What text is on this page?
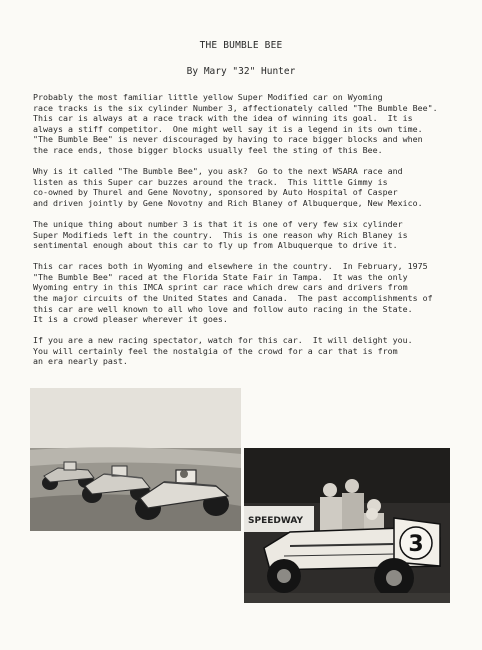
THE BUMBLE BEE
By Mary "32" Hunter
Probably the most familiar little yellow Super Modified car on Wyoming
race tracks is the six cylinder Number 3, affectionately called "The Bumble Bee".
This car is always at a race track with the idea of winning its goal.  It is
always a stiff competitor.  One might well say it is a legend in its own time.
"The Bumble Bee" is never discouraged by having to race bigger blocks and when
the race ends, those bigger blocks usually feel the sting of this Bee.
Why is it called "The Bumble Bee", you ask?  Go to the next WSARA race and
listen as this Super car buzzes around the track.  This little Gimmy is
co-owned by Thurel and Gene Novotny, sponsored by Auto Hospital of Casper
and driven jointly by Gene Novotny and Rich Blaney of Albuquerque, New Mexico.
The unique thing about number 3 is that it is one of very few six cylinder
Super Modifieds left in the country.  This is one reason why Rich Blaney is
sentimental enough about this car to fly up from Albuquerque to drive it.
This car races both in Wyoming and elsewhere in the country.  In February, 1975
"The Bumble Bee" raced at the Florida State Fair in Tampa.  It was the only
Wyoming entry in this IMCA sprint car race which drew cars and drivers from
the major circuits of the United States and Canada.  The past accomplishments of
this car are well known to all who love and follow auto racing in the State.
It is a crowd pleaser wherever it goes.
If you are a new racing spectator, watch for this car.  It will delight you.
You will certainly feel the nostalgia of the crowd for a car that is from
an era nearly past.
SPEEDWAY
3
